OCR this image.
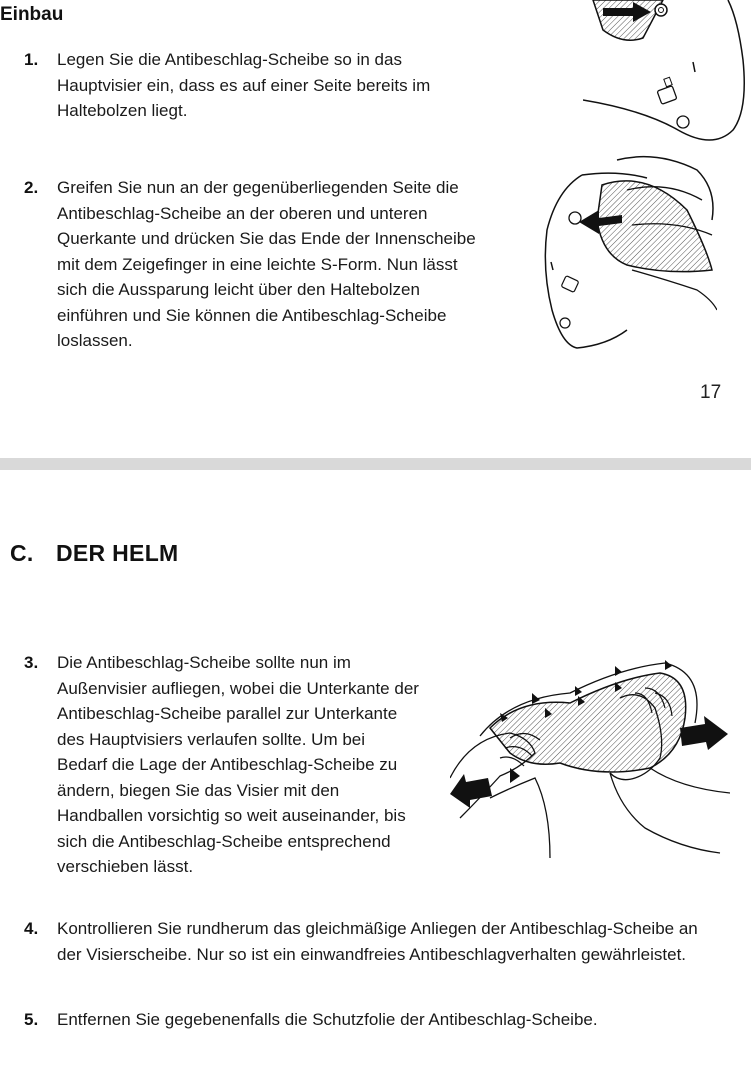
Einbau
1. Legen Sie die Antibeschlag-Scheibe so in das Hauptvisier ein, dass es auf einer Seite bereits im Haltebolzen liegt.
2. Greifen Sie nun an der gegenüberliegenden Seite die Antibeschlag-Scheibe an der oberen und unteren Querkante und drücken Sie das Ende der Innenscheibe mit dem Zeigefinger in eine leichte S-Form. Nun lässt sich die Aussparung leicht über den Haltebolzen einführen und Sie können die Antibeschlag-Scheibe loslassen.
17
C. DER HELM
3. Die Antibeschlag-Scheibe sollte nun im Außenvisier aufliegen, wobei die Unterkante der Antibeschlag-Scheibe parallel zur Unterkante des Hauptvisiers verlaufen sollte. Um bei Bedarf die Lage der Antibeschlag-Scheibe zu ändern, biegen Sie das Visier mit den Handballen vorsichtig so weit auseinander, bis sich die Antibeschlag-Scheibe entsprechend verschieben lässt.
4. Kontrollieren Sie rundherum das gleichmäßige Anliegen der Antibeschlag-Scheibe an der Visierscheibe. Nur so ist ein einwandfreies Antibeschlagverhalten gewährleistet.
5. Entfernen Sie gegebenenfalls die Schutzfolie der Antibeschlag-Scheibe.
